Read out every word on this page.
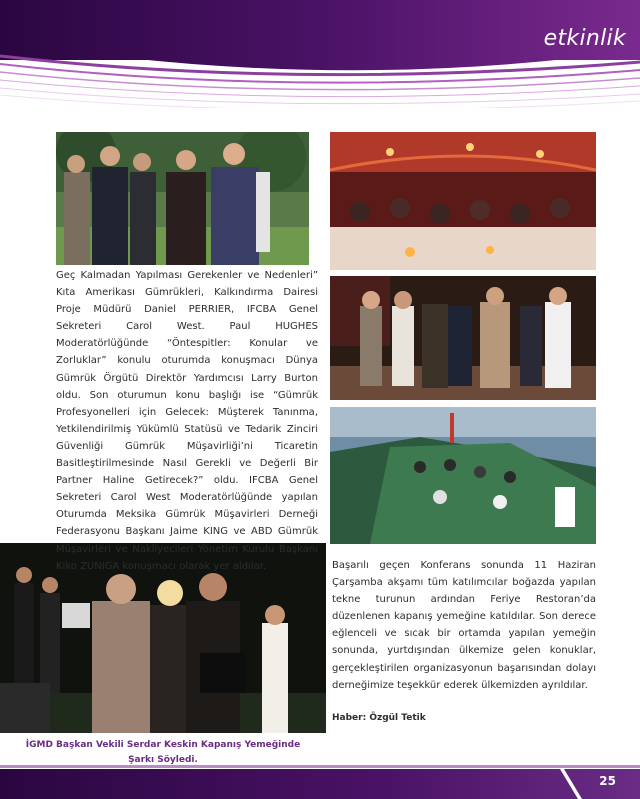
etkinlik
Geç Kalmadan Yapılması Gerekenler ve Nedenleri” Kıta Amerikası Gümrükleri, Kalkındırma Dairesi Proje Müdürü Daniel PERRIER, IFCBA Genel Sekreteri Carol West. Paul HUGHES Moderatörlüğünde “Öntespitler: Konular ve Zorluklar” konulu oturumda konuşmacı Dünya Gümrük Örgütü Direktör Yardımcısı Larry Burton oldu. Son oturumun konu başlığı ise “Gümrük Profesyonelleri için Gelecek: Müşterek Tanınma, Yetkilendirilmiş Yükümlü Statüsü ve Tedarik Zinciri Güvenliği Gümrük Müşavirliği’ni Ticaretin Basitleştirilmesinde Nasıl Gerekli ve Değerli Bir Partner Haline Getirecek?” oldu. IFCBA Genel Sekreteri Carol West Moderatörlüğünde yapılan Oturumda Meksika Gümrük Müşavirleri Derneği Federasyonu Başkanı Jaime KING ve ABD Gümrük Müşavirleri ve Nakliyecileri Yönetim Kurulu Başkanı Kiko ZUNIGA konuşmacı olarak yer aldılar.	Başarılı geçen Konferans sonunda 11 Haziran Çarşamba akşamı tüm katılımcılar boğazda yapılan tekne turunun ardından Feriye Restoran’da düzenlenen kapanış yemeğine katıldılar. Son derece eğlenceli ve sıcak bir ortamda yapılan yemeğin sonunda, yurtdışından ülkemize gelen konuklar, gerçekleştirilen organizasyonun başarısından dolayı derneğimize teşekkür ederek ülkemizden ayrıldılar.
Haber: Özgül Tetik
İGMD Başkan Vekili Serdar Keskin Kapanış Yemeğinde
Şarkı Söyledi.
25
